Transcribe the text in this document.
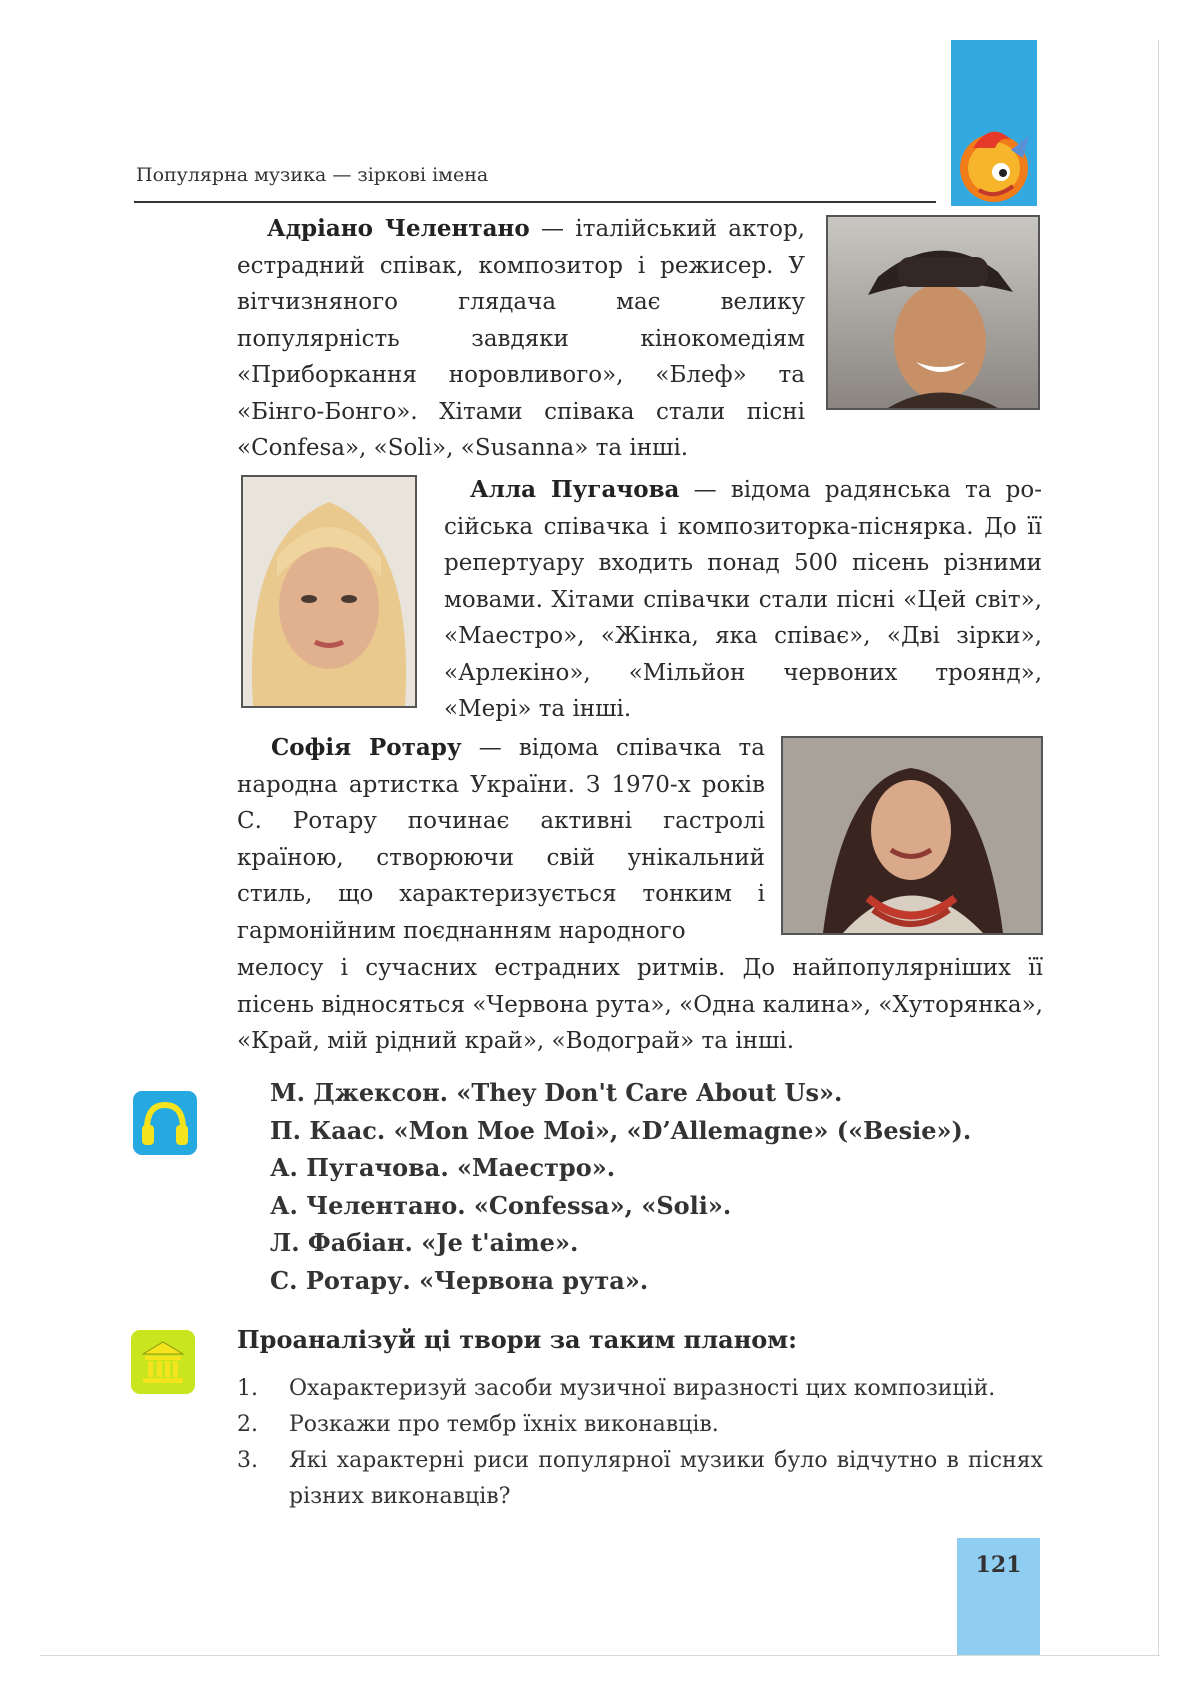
Популярна музика — зіркові імена
Адріано Челентано — італійський актор, естрадний співак, композитор і режисер. У вітчизняного глядача має велику популярність завдяки кінокомедіям «Приборкання норовливого», «Блеф» та «Бінго-Бонго». Хітами співака стали пісні «Confesa», «Soli», «Susanna» та інші.
Алла Пугачова — відома радянська та російська співачка і композиторка-піснярка. До її репертуару входить понад 500 пісень різними мовами. Хітами співачки стали пісні «Цей світ», «Маестро», «Жінка, яка співає», «Дві зірки», «Арлекіно», «Мільйон червоних троянд», «Мері» та інші.
Софія Ротару — відома співачка та народна артистка України. З 1970-х років С. Ротару починає активні гастролі країною, створюючи свій унікальний стиль, що характеризується тонким і гармонійним поєднанням народного
мелосу і сучасних естрадних ритмів. До найпопулярніших її пісень відносяться «Червона рута», «Одна калина», «Хуторянка», «Край, мій рідний край», «Водограй» та інші.
М. Джексон. «They Don't Care About Us».
П. Каас. «Mon Moe Moi», «D’Allemagne» («Besie»).
А. Пугачова. «Маестро».
А. Челентано. «Confessa», «Soli».
Л. Фабіан. «Je t'aime».
С. Ротару. «Червона рута».
Проаналізуй ці твори за таким планом:
1.	Охарактеризуй засоби музичної виразності цих композицій.
2.	Розкажи про тембр їхніх виконавців.
3.	Які характерні риси популярної музики було відчутно в піснях різних виконавців?
121
